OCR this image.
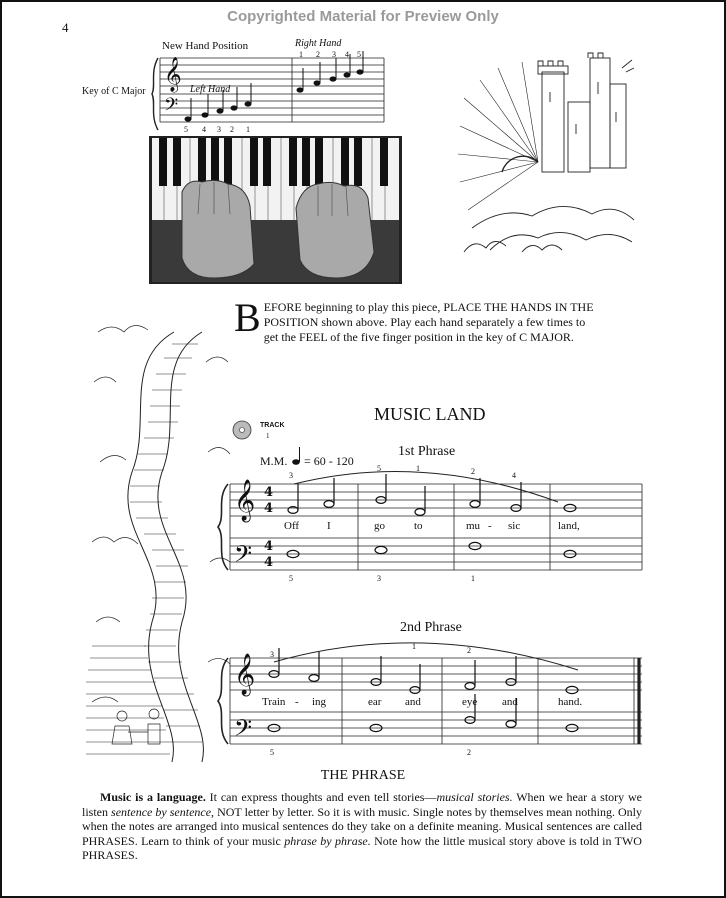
Copyrighted Material for Preview Only
4
New Hand Position	Right Hand
Left Hand
Key of C Major
1 2 3 4 5
5 4 3 2 1
𝄞
𝄢
𝄞
𝄢
4
4
4
4
𝄞
𝄢
BEFORE beginning to play this piece, PLACE THE HANDS IN THE POSITION shown above. Play each hand separately a few times to get the FEEL of the five finger position in the key of C MAJOR.
MUSIC LAND
TRACK
1
M.M. = 60 - 120
1st Phrase
2nd Phrase
3
5	1	2	4
5	3	1
Off	I	go	to	mu - sic	land,
3
1	2
5	2
Train - ing	ear and	eye and	hand.
THE PHRASE
Music is a language. It can express thoughts and even tell stories—musical stories. When we hear a story we listen sentence by sentence, NOT letter by letter. So it is with music. Single notes by themselves mean nothing. Only when the notes are arranged into musical sentences do they take on a definite meaning. Musical sentences are called PHRASES. Learn to think of your music phrase by phrase. Note how the little musical story above is told in TWO PHRASES.
